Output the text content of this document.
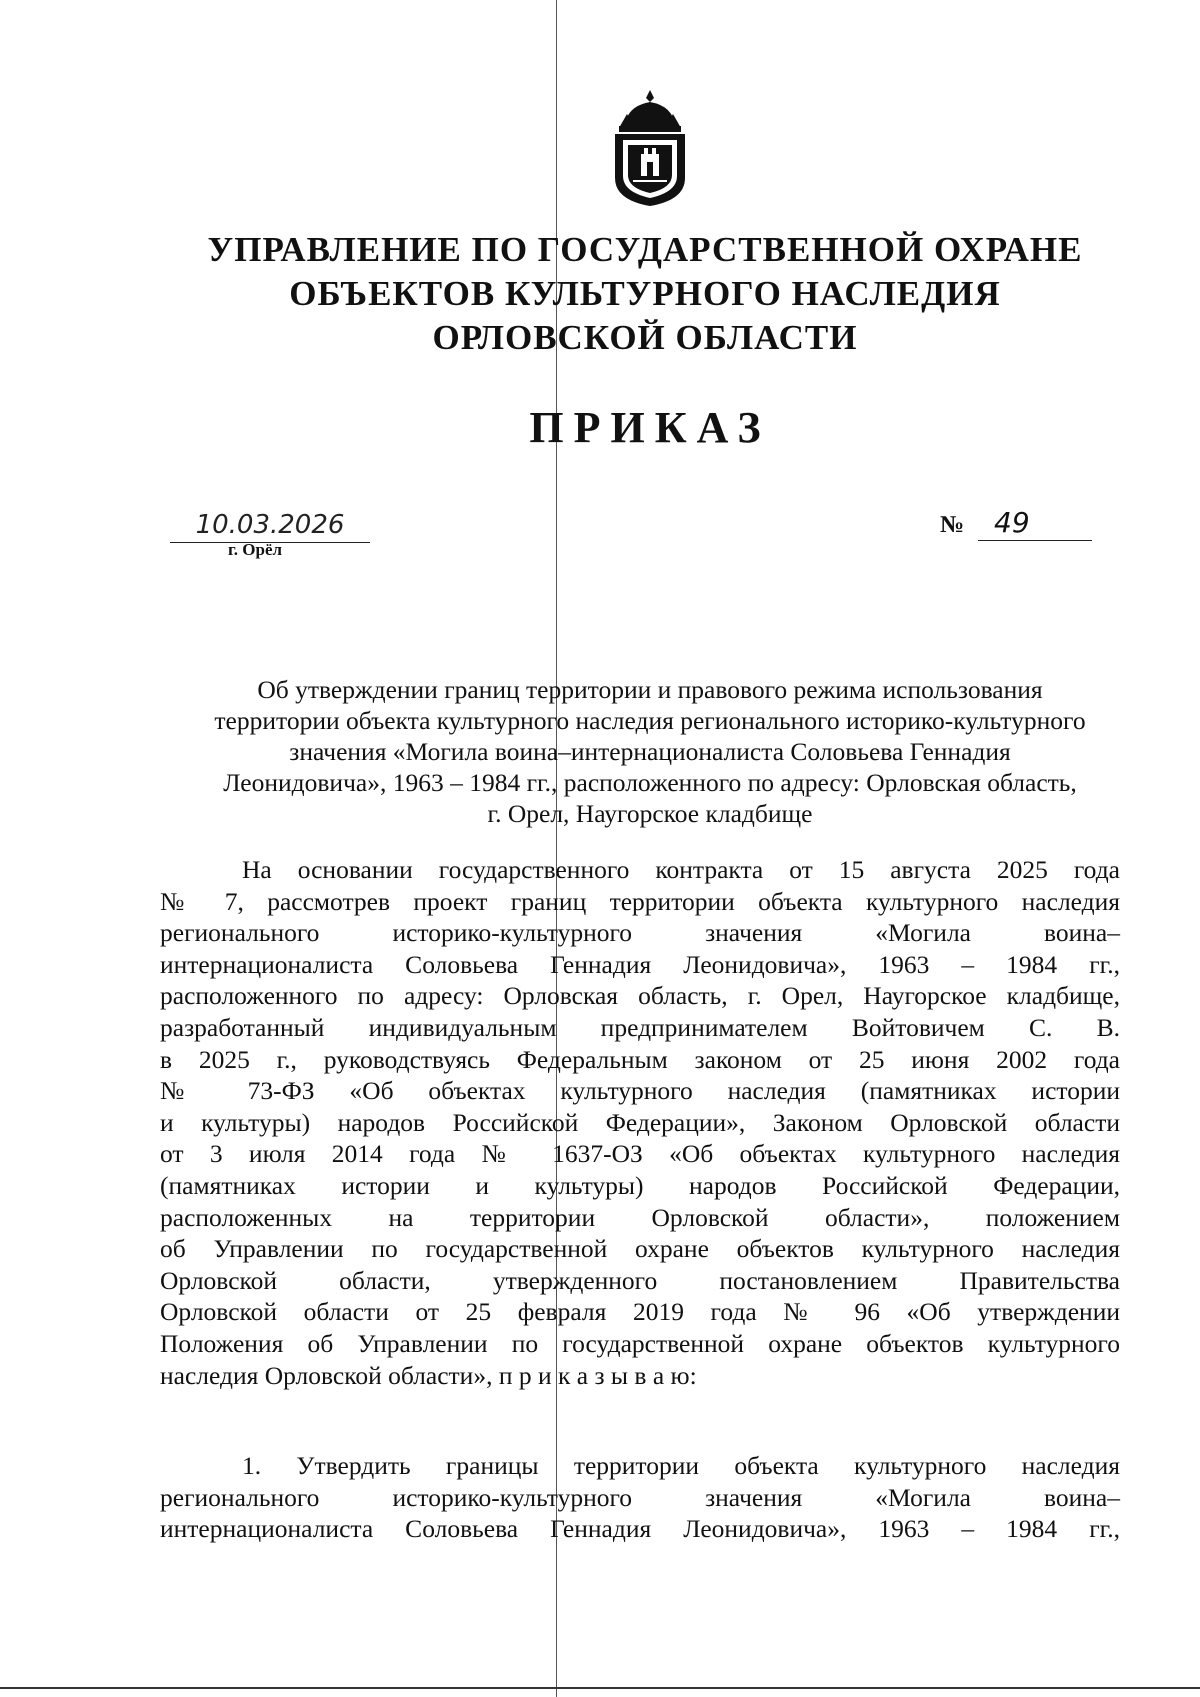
УПРАВЛЕНИЕ ПО ГОСУДАРСТВЕННОЙ ОХРАНЕ
ОБЪЕКТОВ КУЛЬТУРНОГО НАСЛЕДИЯ
ОРЛОВСКОЙ ОБЛАСТИ
ПРИКАЗ
10.03.2026
г. Орёл
№	49
Об утверждении границ территории и правового режима использования
территории объекта культурного наследия регионального историко-культурного
значения «Могила воина–интернационалиста Соловьева Геннадия
Леонидовича», 1963 – 1984 гг., расположенного по адресу: Орловская область,
г. Орел, Наугорское кладбище
На основании государственного контракта от 15 августа 2025 года
№ 7, рассмотрев проект границ территории объекта культурного наследия
регионального историко-культурного значения «Могила воина–
интернационалиста Соловьева Геннадия Леонидовича», 1963 – 1984 гг.,
расположенного по адресу: Орловская область, г. Орел, Наугорское кладбище,
разработанный индивидуальным предпринимателем Войтовичем С. В.
в 2025 г., руководствуясь Федеральным законом от 25 июня 2002 года
№ 73-ФЗ «Об объектах культурного наследия (памятниках истории
и культуры) народов Российской Федерации», Законом Орловской области
от 3 июля 2014 года № 1637-ОЗ «Об объектах культурного наследия
(памятниках истории и культуры) народов Российской Федерации,
расположенных на территории Орловской области», положением
об Управлении по государственной охране объектов культурного наследия
Орловской области, утвержденного постановлением Правительства
Орловской области от 25 февраля 2019 года № 96 «Об утверждении
Положения об Управлении по государственной охране объектов культурного
наследия Орловской области», п р и к а з ы в а ю:
1. Утвердить границы территории объекта культурного наследия
регионального историко-культурного значения «Могила воина–
интернационалиста Соловьева Геннадия Леонидовича», 1963 – 1984 гг.,
